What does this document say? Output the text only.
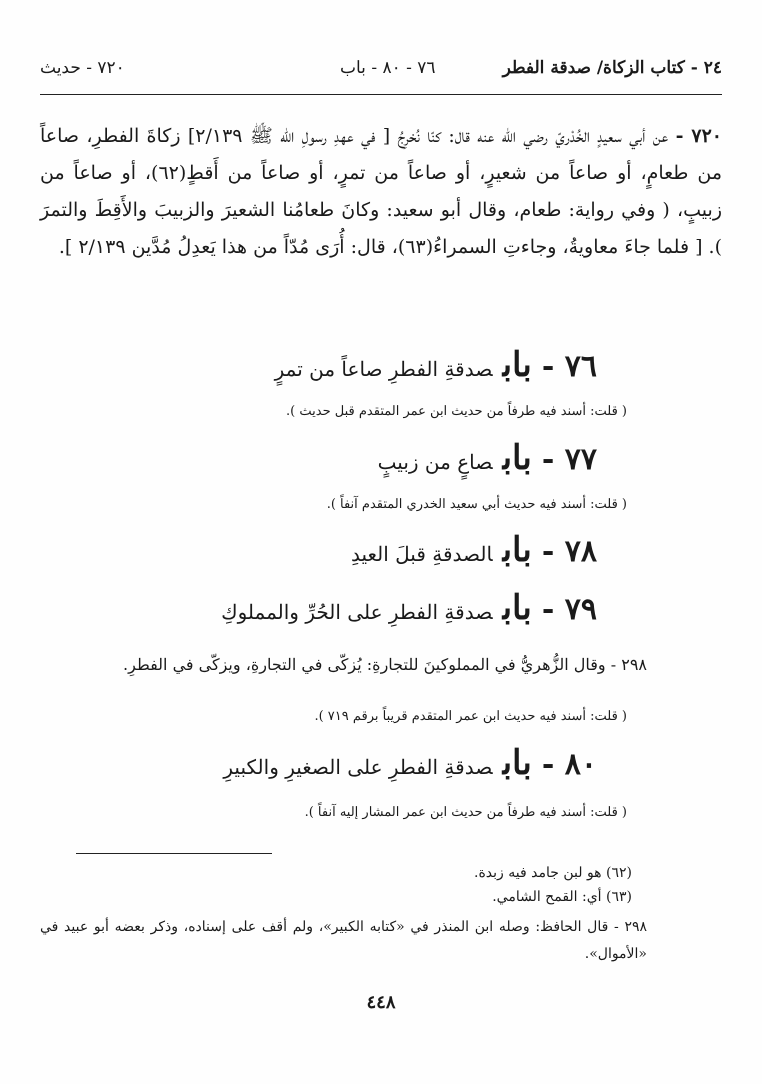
٢٤ - كتاب الزكاة/ صدقة الفطر
٧٦ - ٨٠ - باب
٧٢٠ - حديث
٧٢٠ - عن أبي سعيدٍ الخُدْريّ رضي الله عنه قال: كنّا نُخرِجُ [ في عهدِ رسولِ الله ﷺ ٢/١٣٩] زكاةَ الفطرِ، صاعاً من طعامٍ، أو صاعاً من شعيرٍ، أو صاعاً من تمرٍ، أو صاعاً من أَقطٍ(٦٢)، أو صاعاً من زبيبٍ، ( وفي رواية: طعام، وقال أبو سعيد: وكانَ طعامُنا الشعيرَ والزبيبَ والأَقِطَ والتمرَ ). [ فلما جاءَ معاويةُ، وجاءتِ السمراءُ(٦٣)، قال: أُرَى مُدّاً من هذا يَعدِلُ مُدَّين ٢/١٣٩ ].
٧٦ -بابصدقةِ الفطرِ صاعاً من تمرٍ
( قلت: أسند فيه طرفاً من حديث ابن عمر المتقدم قبل حديث ).
٧٧ -بابصاعٍ من زبيبٍ
( قلت: أسند فيه حديث أبي سعيد الخدري المتقدم آنفاً ).
٧٨ -بابالصدقةِ قبلَ العيدِ
٧٩ -بابصدقةِ الفطرِ على الحُرِّ والمملوكِ
٢٩٨ - وقال الزُّهريُّ في المملوكينَ للتجارةِ: يُزكّى في التجارةِ، ويزكّى في الفطرِ.
( قلت: أسند فيه حديث ابن عمر المتقدم قريباً برقم ٧١٩ ).
٨٠ -بابصدقةِ الفطرِ على الصغيرِ والكبيرِ
( قلت: أسند فيه طرفاً من حديث ابن عمر المشار إليه آنفاً ).
(٦٢) هو لبن جامد فيه زبدة.
(٦٣) أي: القمح الشامي.
٢٩٨ - قال الحافظ: وصله ابن المنذر في «كتابه الكبير»، ولم أقف على إسناده، وذكر بعضه أبو عبيد في «الأموال».
٤٤٨
